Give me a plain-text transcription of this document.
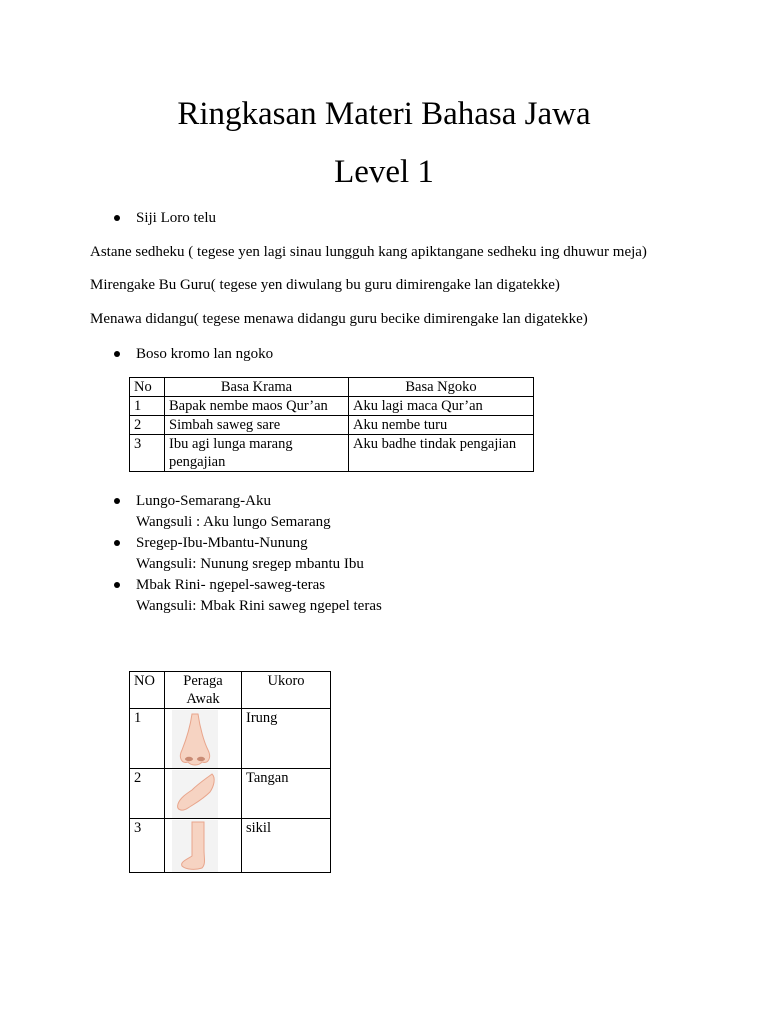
Ringkasan Materi Bahasa Jawa
Level 1
Siji Loro telu
Astane sedheku ( tegese yen lagi sinau lungguh kang apiktangane sedheku ing dhuwur meja)
Mirengake Bu Guru( tegese yen diwulang bu guru dimirengake lan digatekke)
Menawa didangu( tegese menawa didangu guru becike dimirengake lan digatekke)
Boso kromo lan ngoko
No	Basa Krama	Basa Ngoko
1	Bapak nembe maos Qur’an	Aku lagi maca Qur’an
2	Simbah saweg sare	Aku nembe turu
3	Ibu agi lunga marang pengajian	Aku badhe tindak pengajian
Lungo-Semarang-Aku
Wangsuli : Aku lungo Semarang
Sregep-Ibu-Mbantu-Nunung
Wangsuli: Nunung sregep mbantu Ibu
Mbak Rini- ngepel-saweg-teras
Wangsuli: Mbak Rini saweg ngepel teras
NO	Peraga Awak	Ukoro
1		Irung
2		Tangan
3		sikil
